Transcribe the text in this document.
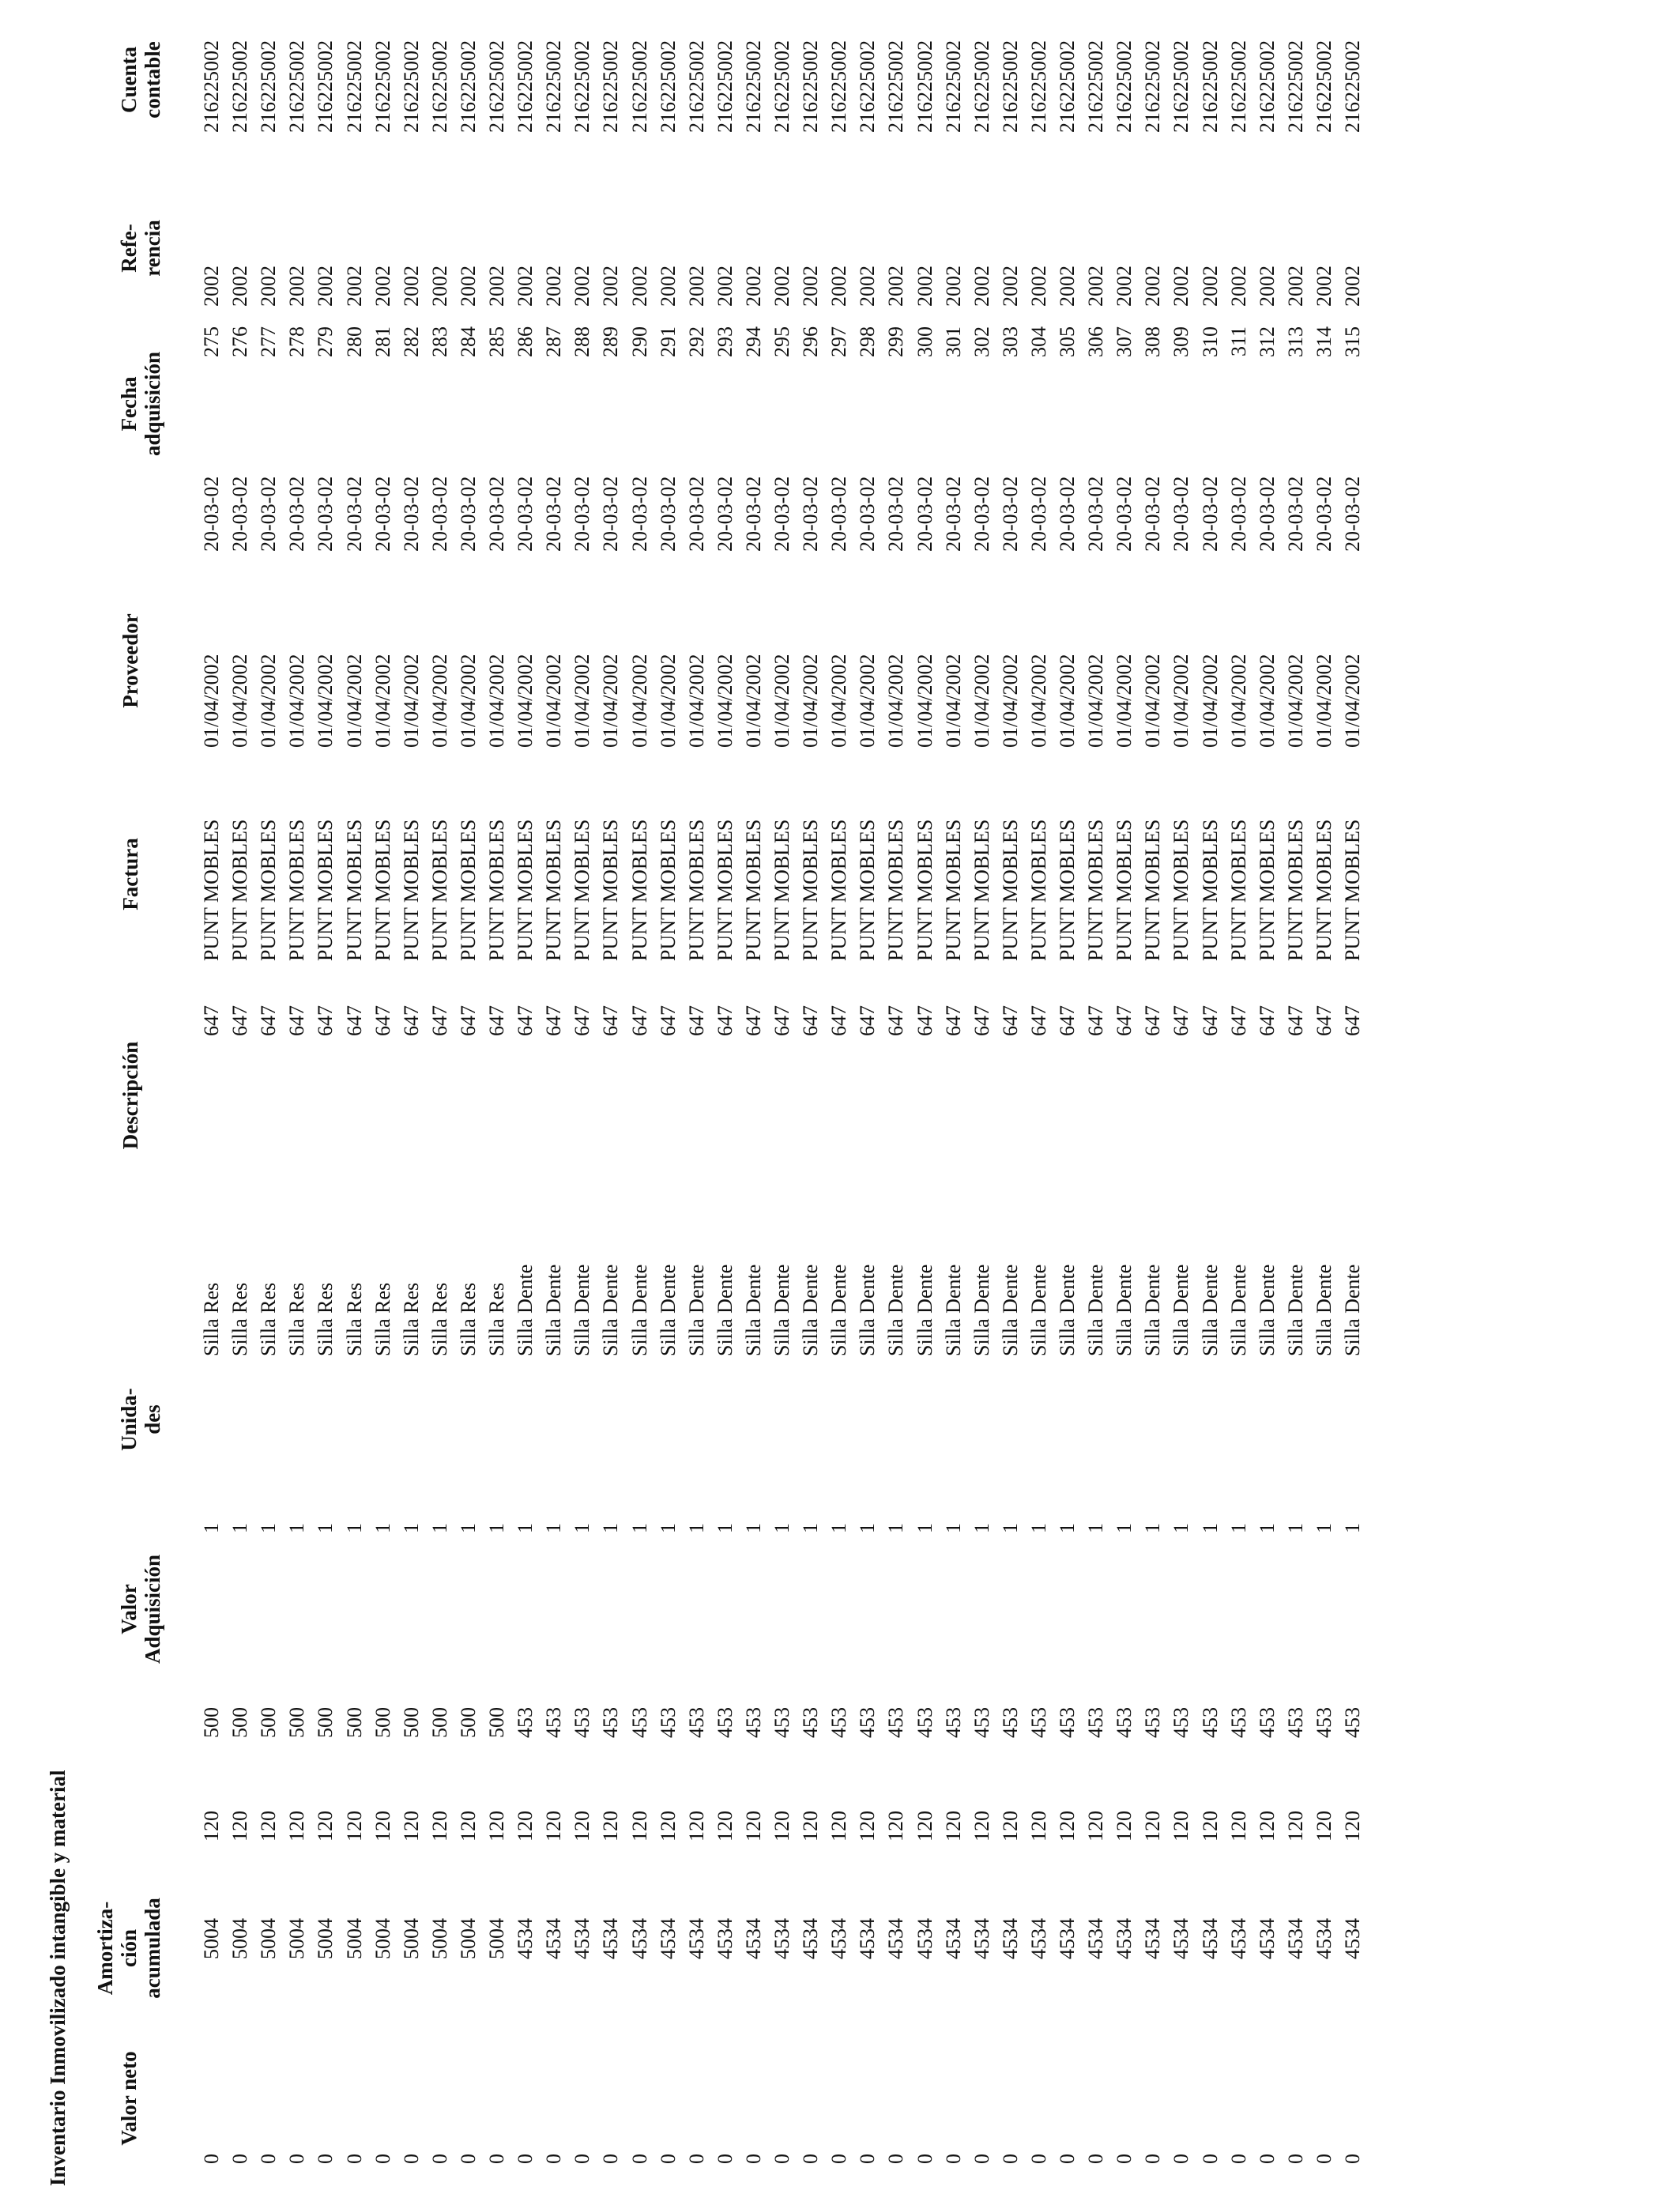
Inventario Inmovilizado intangible y material
Cuenta contable
Refe- rencia
Fecha adquisición
Proveedor
Factura
Descripción
Unida- des
Valor Adquisición
Amortiza- ción acumulada
Valor neto
216225002
2002
275
20-03-02
01/04/2002
PUNT MOBLES
647
Silla Res
1
500
120
4
500
0
216225002
2002
276
20-03-02
01/04/2002
PUNT MOBLES
647
Silla Res
1
500
120
4
500
0
216225002
2002
277
20-03-02
01/04/2002
PUNT MOBLES
647
Silla Res
1
500
120
4
500
0
216225002
2002
278
20-03-02
01/04/2002
PUNT MOBLES
647
Silla Res
1
500
120
4
500
0
216225002
2002
279
20-03-02
01/04/2002
PUNT MOBLES
647
Silla Res
1
500
120
4
500
0
216225002
2002
280
20-03-02
01/04/2002
PUNT MOBLES
647
Silla Res
1
500
120
4
500
0
216225002
2002
281
20-03-02
01/04/2002
PUNT MOBLES
647
Silla Res
1
500
120
4
500
0
216225002
2002
282
20-03-02
01/04/2002
PUNT MOBLES
647
Silla Res
1
500
120
4
500
0
216225002
2002
283
20-03-02
01/04/2002
PUNT MOBLES
647
Silla Res
1
500
120
4
500
0
216225002
2002
284
20-03-02
01/04/2002
PUNT MOBLES
647
Silla Res
1
500
120
4
500
0
216225002
2002
285
20-03-02
01/04/2002
PUNT MOBLES
647
Silla Res
1
500
120
4
500
0
216225002
2002
286
20-03-02
01/04/2002
PUNT MOBLES
647
Silla Dente
1
453
120
4
453
0
216225002
2002
287
20-03-02
01/04/2002
PUNT MOBLES
647
Silla Dente
1
453
120
4
453
0
216225002
2002
288
20-03-02
01/04/2002
PUNT MOBLES
647
Silla Dente
1
453
120
4
453
0
216225002
2002
289
20-03-02
01/04/2002
PUNT MOBLES
647
Silla Dente
1
453
120
4
453
0
216225002
2002
290
20-03-02
01/04/2002
PUNT MOBLES
647
Silla Dente
1
453
120
4
453
0
216225002
2002
291
20-03-02
01/04/2002
PUNT MOBLES
647
Silla Dente
1
453
120
4
453
0
216225002
2002
292
20-03-02
01/04/2002
PUNT MOBLES
647
Silla Dente
1
453
120
4
453
0
216225002
2002
293
20-03-02
01/04/2002
PUNT MOBLES
647
Silla Dente
1
453
120
4
453
0
216225002
2002
294
20-03-02
01/04/2002
PUNT MOBLES
647
Silla Dente
1
453
120
4
453
0
216225002
2002
295
20-03-02
01/04/2002
PUNT MOBLES
647
Silla Dente
1
453
120
4
453
0
216225002
2002
296
20-03-02
01/04/2002
PUNT MOBLES
647
Silla Dente
1
453
120
4
453
0
216225002
2002
297
20-03-02
01/04/2002
PUNT MOBLES
647
Silla Dente
1
453
120
4
453
0
216225002
2002
298
20-03-02
01/04/2002
PUNT MOBLES
647
Silla Dente
1
453
120
4
453
0
216225002
2002
299
20-03-02
01/04/2002
PUNT MOBLES
647
Silla Dente
1
453
120
4
453
0
216225002
2002
300
20-03-02
01/04/2002
PUNT MOBLES
647
Silla Dente
1
453
120
4
453
0
216225002
2002
301
20-03-02
01/04/2002
PUNT MOBLES
647
Silla Dente
1
453
120
4
453
0
216225002
2002
302
20-03-02
01/04/2002
PUNT MOBLES
647
Silla Dente
1
453
120
4
453
0
216225002
2002
303
20-03-02
01/04/2002
PUNT MOBLES
647
Silla Dente
1
453
120
4
453
0
216225002
2002
304
20-03-02
01/04/2002
PUNT MOBLES
647
Silla Dente
1
453
120
4
453
0
216225002
2002
305
20-03-02
01/04/2002
PUNT MOBLES
647
Silla Dente
1
453
120
4
453
0
216225002
2002
306
20-03-02
01/04/2002
PUNT MOBLES
647
Silla Dente
1
453
120
4
453
0
216225002
2002
307
20-03-02
01/04/2002
PUNT MOBLES
647
Silla Dente
1
453
120
4
453
0
216225002
2002
308
20-03-02
01/04/2002
PUNT MOBLES
647
Silla Dente
1
453
120
4
453
0
216225002
2002
309
20-03-02
01/04/2002
PUNT MOBLES
647
Silla Dente
1
453
120
4
453
0
216225002
2002
310
20-03-02
01/04/2002
PUNT MOBLES
647
Silla Dente
1
453
120
4
453
0
216225002
2002
311
20-03-02
01/04/2002
PUNT MOBLES
647
Silla Dente
1
453
120
4
453
0
216225002
2002
312
20-03-02
01/04/2002
PUNT MOBLES
647
Silla Dente
1
453
120
4
453
0
216225002
2002
313
20-03-02
01/04/2002
PUNT MOBLES
647
Silla Dente
1
453
120
4
453
0
216225002
2002
314
20-03-02
01/04/2002
PUNT MOBLES
647
Silla Dente
1
453
120
4
453
0
216225002
2002
315
20-03-02
01/04/2002
PUNT MOBLES
647
Silla Dente
1
453
120
4
453
0
